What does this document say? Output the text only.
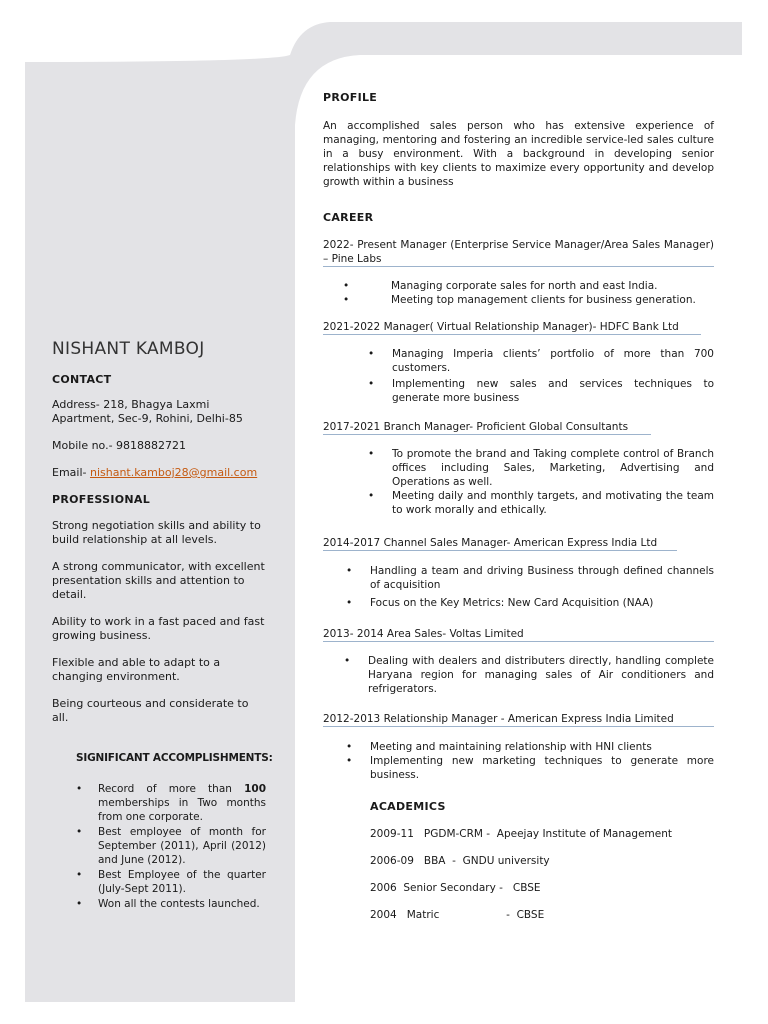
PROFILE
An accomplished sales person who has extensive experience of managing, mentoring and fostering an incredible service-led sales culture in a busy environment. With a background in developing senior relationships with key clients to maximize every opportunity and develop growth within a business
CAREER
2022- Present Manager (Enterprise Service Manager/Area Sales Manager) – Pine Labs
•	Managing corporate sales for north and east India.
•	Meeting top management clients for business generation.
2021-2022 Manager( Virtual Relationship Manager)- HDFC Bank Ltd
• Managing Imperia clients’ portfolio of more than 700 customers.
• Implementing new sales and services techniques to generate more business
2017-2021 Branch Manager- Proficient Global Consultants
• To promote the brand and Taking complete control of Branch offices including Sales, Marketing, Advertising and Operations as well.
• Meeting daily and monthly targets, and motivating the team to work morally and ethically.
2014-2017 Channel Sales Manager- American Express India Ltd
• Handling a team and driving Business through defined channels of acquisition
• Focus on the Key Metrics: New Card Acquisition (NAA)
2013- 2014 Area Sales- Voltas Limited
• Dealing with dealers and distributers directly, handling complete Haryana region for managing sales of Air conditioners and refrigerators.
2012-2013 Relationship Manager - American Express India Limited
• Meeting and maintaining relationship with HNI clients
• Implementing new marketing techniques to generate more business.
ACADEMICS
2009-11   PGDM-CRM -  Apeejay Institute of Management
2006-09   BBA  -  GNDU university
2006  Senior Secondary -   CBSE
2004   Matric                    -  CBSE
NISHANT KAMBOJ
CONTACT
Address- 218, Bhagya Laxmi Apartment, Sec-9, Rohini, Delhi-85
Mobile no.- 9818882721
Email- nishant.kamboj28@gmail.com
PROFESSIONAL
Strong negotiation skills and ability to build relationship at all levels.
A strong communicator, with excellent presentation skills and attention to detail.
Ability to work in a fast paced and fast growing business.
Flexible and able to adapt to a changing environment.
Being courteous and considerate to all.
SIGNIFICANT ACCOMPLISHMENTS:
• Record of more than 100 memberships in Two months from one corporate.
• Best employee of month for September (2011), April (2012) and June (2012).
• Best Employee of the quarter (July-Sept 2011).
• Won all the contests launched.
